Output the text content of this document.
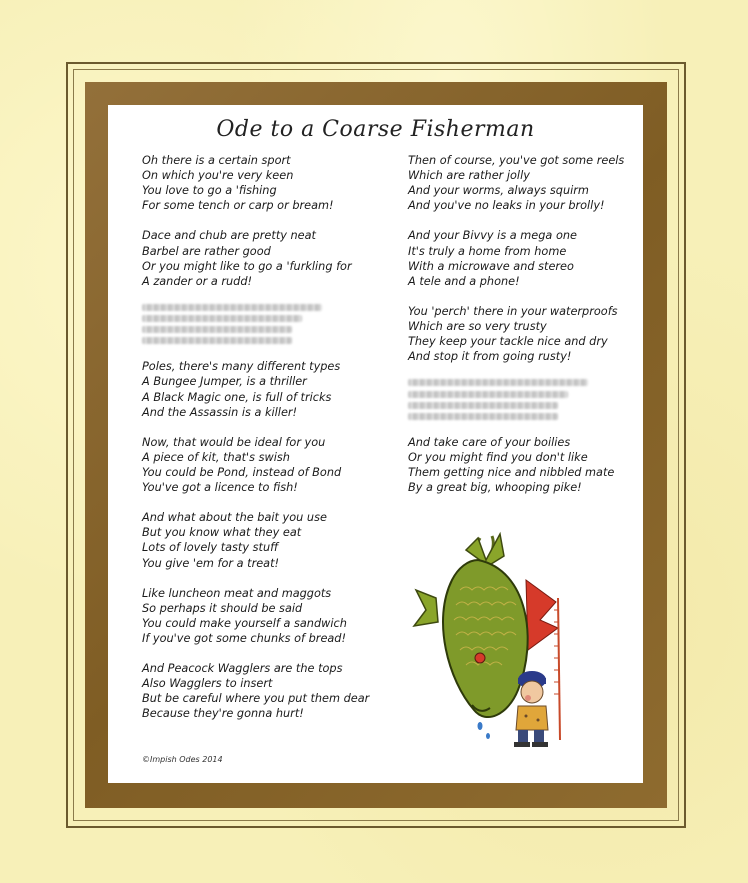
Ode to a Coarse Fisherman
Oh there is a certain sport
On which you're very keen
You love to go a 'fishing
For some tench or carp or bream!
Dace and chub are pretty neat
Barbel are rather good
Or you might like to go a 'furkling for
A zander or a rudd!
Poles, there's many different types
A Bungee Jumper, is a thriller
A Black Magic one, is full of tricks
And the Assassin is a killer!
Now, that would be ideal for you
A piece of kit, that's swish
You could be Pond, instead of Bond
You've got a licence to fish!
And what about the bait you use
But you know what they eat
Lots of lovely tasty stuff
You give 'em for a treat!
Like luncheon meat and maggots
So perhaps it should be said
You could make yourself a sandwich
If you've got some chunks of bread!
And Peacock Wagglers are the tops
Also Wagglers to insert
But be careful where you put them dear
Because they're gonna hurt!
Then of course, you've got some reels
Which are rather jolly
And your worms, always squirm
And you've no leaks in your brolly!
And your Bivvy is a mega one
It's truly a home from home
With a microwave and stereo
A tele and a phone!
You 'perch' there in your waterproofs
Which are so very trusty
They keep your tackle nice and dry
And stop it from going rusty!
And take care of your boilies
Or you might find you don't like
Them getting nice and nibbled mate
By a great big, whooping pike!
©Impish Odes 2014
